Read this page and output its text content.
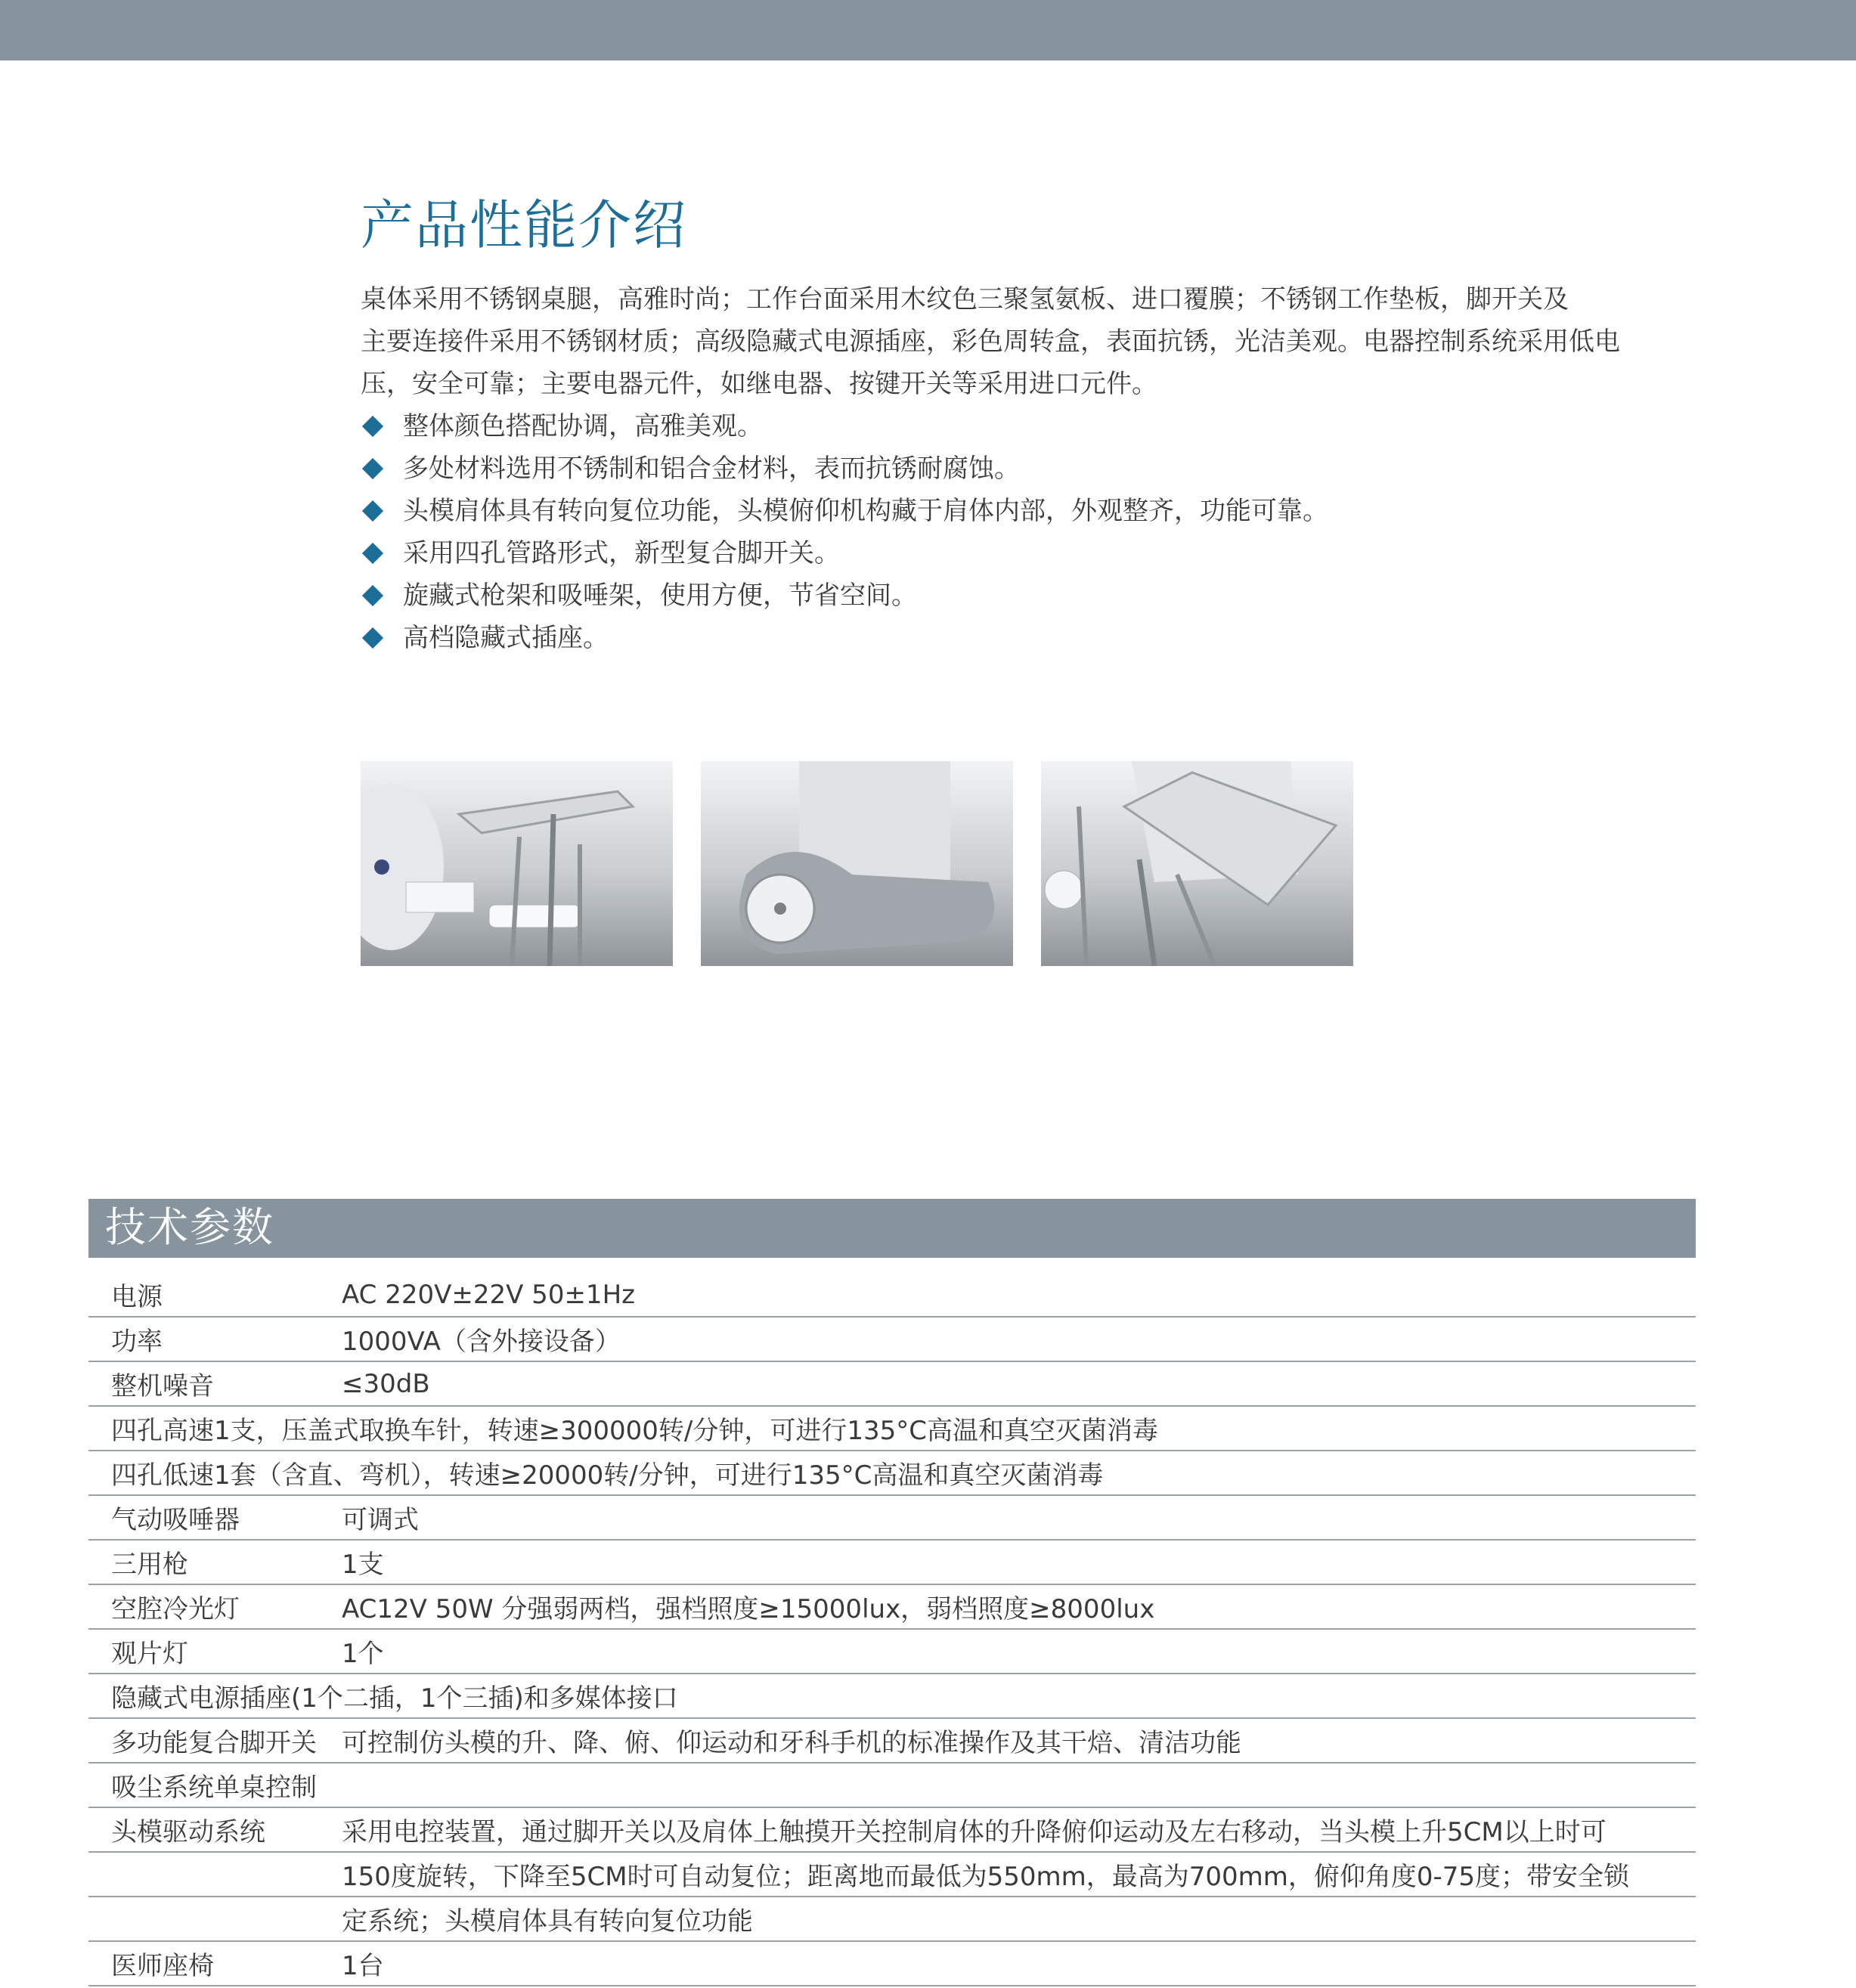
产品性能介绍

桌体采用不锈钢桌腿，高雅时尚；工作台面采用木纹色三聚氢氨板、进口覆膜；不锈钢工作垫板，脚开关及

主要连接件采用不锈钢材质；高级隐藏式电源插座，彩色周转盒，表面抗锈，光洁美观。电器控制系统采用低电

压，安全可靠；主要电器元件，如继电器、按键开关等采用进口元件。

整体颜色搭配协调，高雅美观。
多处材料选用不锈制和铝合金材料，表而抗锈耐腐蚀。
头模肩体具有转向复位功能，头模俯仰机构藏于肩体内部，外观整齐，功能可靠。
采用四孔管路形式，新型复合脚开关。
旋藏式枪架和吸唾架，使用方便，节省空间。
高档隐藏式插座。
技术参数
电源	AC 220V±22V 50±1Hz
功率	1000VA（含外接设备）
整机噪音	≤30dB
四孔高速1支，压盖式取换车针，转速≥300000转/分钟，可进行135°C高温和真空灭菌消毒
四孔低速1套（含直、弯机），转速≥20000转/分钟，可进行135°C高温和真空灭菌消毒
气动吸唾器	可调式
三用枪	1支
空腔冷光灯	AC12V 50W 分强弱两档，强档照度≥15000lux，弱档照度≥8000lux
观片灯	1个
隐藏式电源插座(1个二插，1个三插)和多媒体接口
多功能复合脚开关 可控制仿头模的升、降、俯、仰运动和牙科手机的标准操作及其干焙、清洁功能
吸尘系统单桌控制
头模驱动系统	采用电控装置，通过脚开关以及肩体上触摸开关控制肩体的升降俯仰运动及左右移动，当头模上升5CM以上时可
150度旋转，下降至5CM时可自动复位；距离地而最低为550mm，最高为700mm，俯仰角度0-75度；带安全锁
定系统；头模肩体具有转向复位功能
医师座椅	1台
